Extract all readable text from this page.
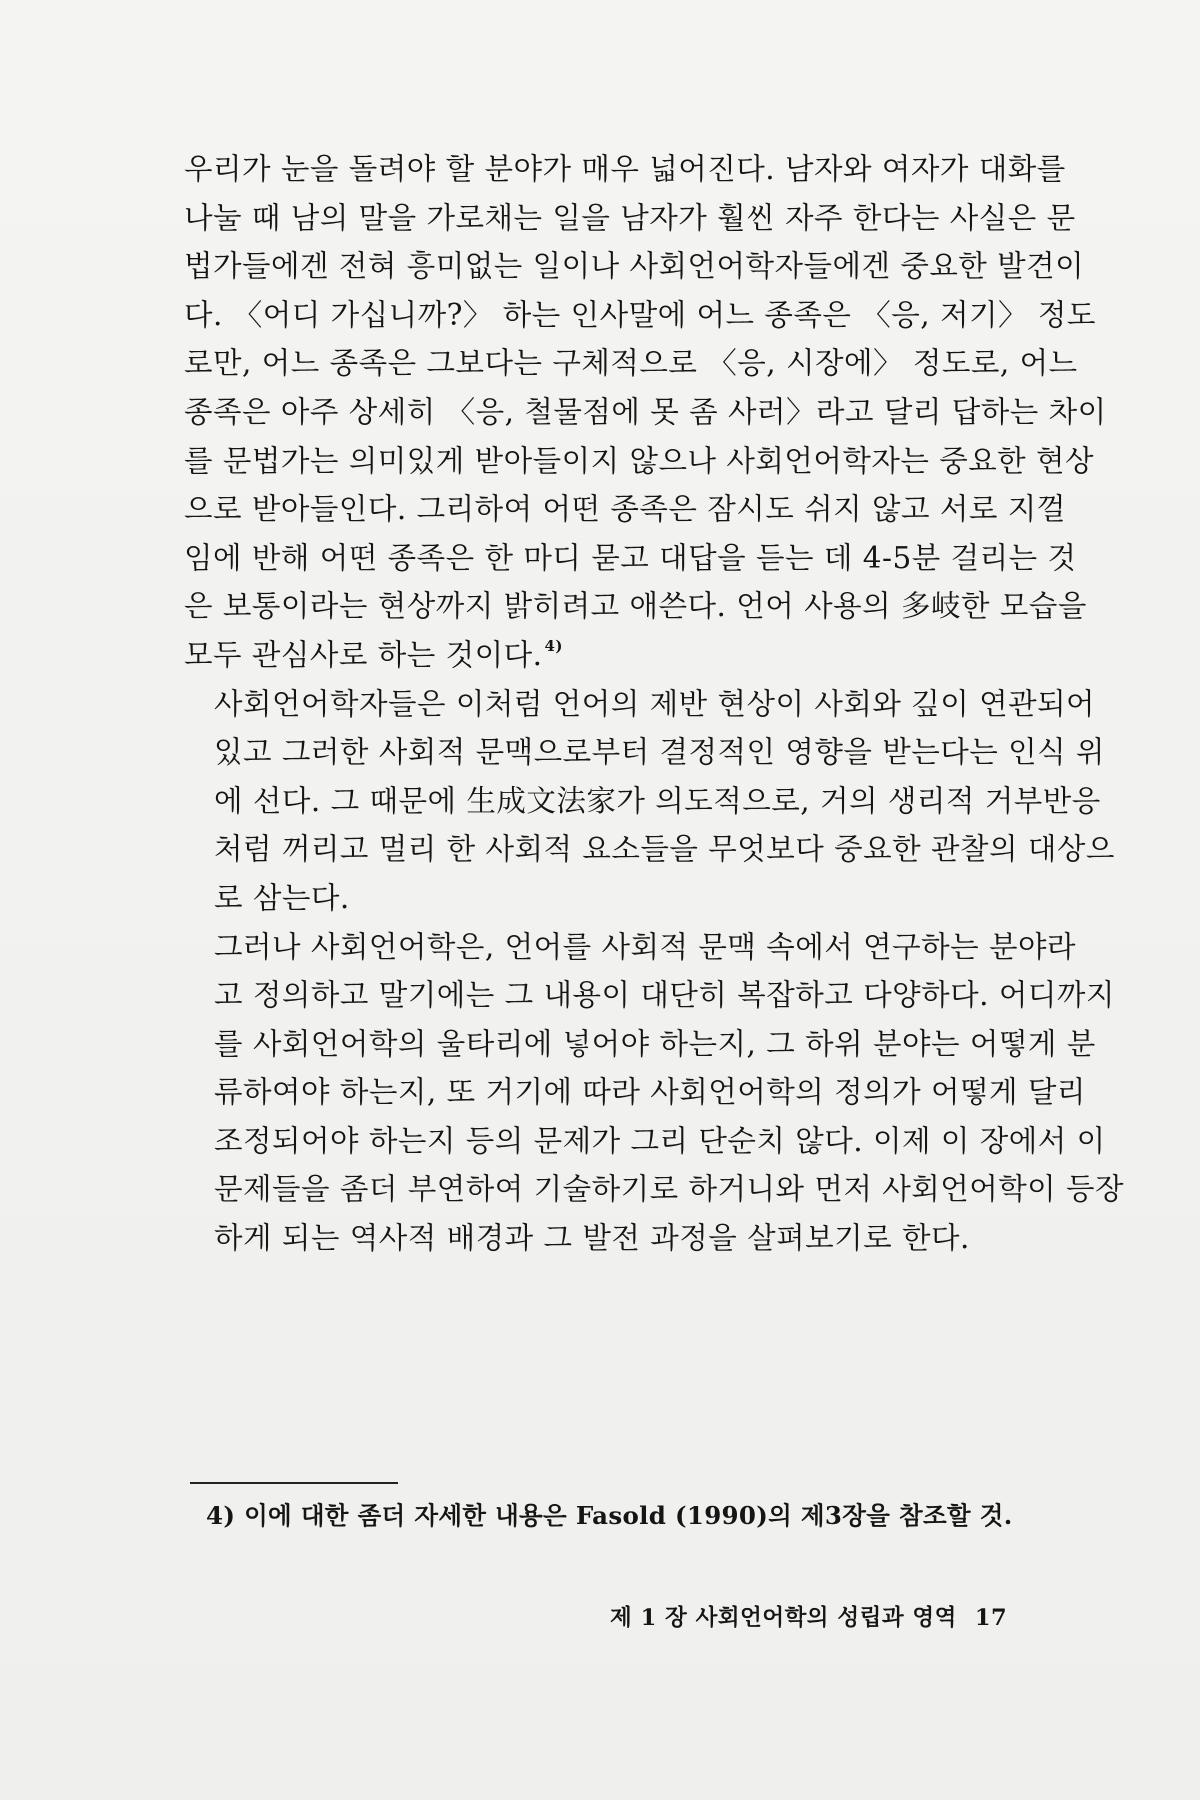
우리가 눈을 돌려야 할 분야가 매우 넓어진다. 남자와 여자가 대화를
나눌 때 남의 말을 가로채는 일을 남자가 훨씬 자주 한다는 사실은 문
법가들에겐 전혀 흥미없는 일이나 사회언어학자들에겐 중요한 발견이
다. 〈어디 가십니까?〉 하는 인사말에 어느 종족은 〈응, 저기〉 정도
로만, 어느 종족은 그보다는 구체적으로 〈응, 시장에〉 정도로, 어느
종족은 아주 상세히 〈응, 철물점에 못 좀 사러〉라고 달리 답하는 차이
를 문법가는 의미있게 받아들이지 않으나 사회언어학자는 중요한 현상
으로 받아들인다. 그리하여 어떤 종족은 잠시도 쉬지 않고 서로 지껄
임에 반해 어떤 종족은 한 마디 묻고 대답을 듣는 데 4-5분 걸리는 것
은 보통이라는 현상까지 밝히려고 애쓴다. 언어 사용의 多岐한 모습을
모두 관심사로 하는 것이다. $^{4)}$

사회언어학자들은 이처럼 언어의 제반 현상이 사회와 깊이 연관되어
있고 그러한 사회적 문맥으로부터 결정적인 영향을 받는다는 인식 위
에 선다. 그 때문에 生成文法家가 의도적으로, 거의 생리적 거부반응
처럼 꺼리고 멀리 한 사회적 요소들을 무엇보다 중요한 관찰의 대상으
로 삼는다.

그러나 사회언어학은, 언어를 사회적 문맥 속에서 연구하는 분야라
고 정의하고 말기에는 그 내용이 대단히 복잡하고 다양하다. 어디까지
를 사회언어학의 울타리에 넣어야 하는지, 그 하위 분야는 어떻게 분
류하여야 하는지, 또 거기에 따라 사회언어학의 정의가 어떻게 달리
조정되어야 하는지 등의 문제가 그리 단순치 않다. 이제 이 장에서 이
문제들을 좀더 부연하여 기술하기로 하거니와 먼저 사회언어학이 등장
하게 되는 역사적 배경과 그 발전 과정을 살펴보기로 한다.

4) 이에 대한 좀더 자세한 내용은 Fasold (1990)의 제3장을 참조할 것.
제 1 장 사회언어학의 성립과 영역 17
